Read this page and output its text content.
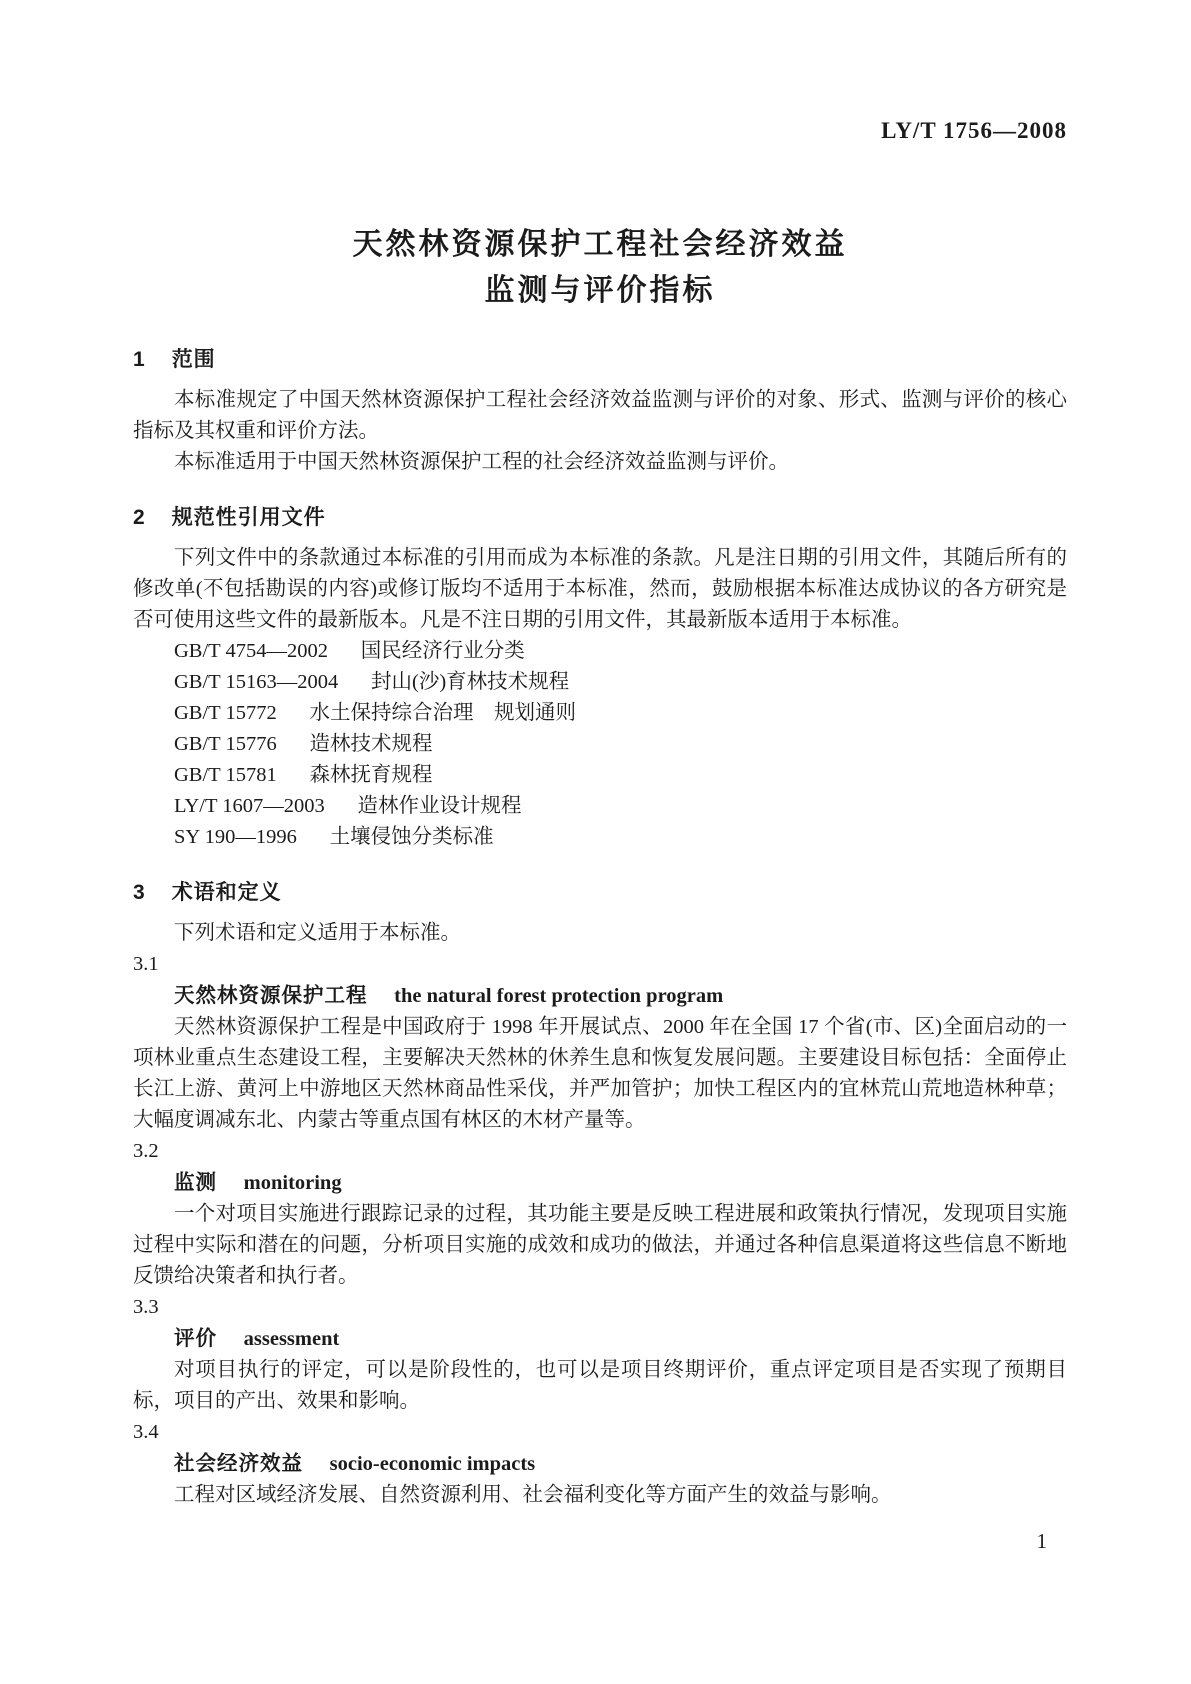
LY/T 1756—2008
天然林资源保护工程社会经济效益
监测与评价指标
1 范围

本标准规定了中国天然林资源保护工程社会经济效益监测与评价的对象、形式、监测与评价的核心指标及其权重和评价方法。

本标准适用于中国天然林资源保护工程的社会经济效益监测与评价。

2 规范性引用文件

下列文件中的条款通过本标准的引用而成为本标准的条款。凡是注日期的引用文件，其随后所有的修改单(不包括勘误的内容)或修订版均不适用于本标准，然而，鼓励根据本标准达成协议的各方研究是否可使用这些文件的最新版本。凡是不注日期的引用文件，其最新版本适用于本标准。

GB/T 4754—2002 国民经济行业分类
GB/T 15163—2004 封山(沙)育林技术规程
GB/T 15772 水土保持综合治理　规划通则
GB/T 15776 造林技术规程
GB/T 15781 森林抚育规程
LY/T 1607—2003 造林作业设计规程
SY 190—1996 土壤侵蚀分类标准
3 术语和定义

下列术语和定义适用于本标准。

3.1
天然林资源保护工程 the natural forest protection program

天然林资源保护工程是中国政府于 1998 年开展试点、2000 年在全国 17 个省(市、区)全面启动的一项林业重点生态建设工程，主要解决天然林的休养生息和恢复发展问题。主要建设目标包括：全面停止长江上游、黄河上中游地区天然林商品性采伐，并严加管护；加快工程区内的宜林荒山荒地造林种草；大幅度调减东北、内蒙古等重点国有林区的木材产量等。

3.2
监测 monitoring

一个对项目实施进行跟踪记录的过程，其功能主要是反映工程进展和政策执行情况，发现项目实施过程中实际和潜在的问题，分析项目实施的成效和成功的做法，并通过各种信息渠道将这些信息不断地反馈给决策者和执行者。

3.3
评价 assessment

对项目执行的评定，可以是阶段性的，也可以是项目终期评价，重点评定项目是否实现了预期目标，项目的产出、效果和影响。

3.4
社会经济效益 socio-economic impacts

工程对区域经济发展、自然资源利用、社会福利变化等方面产生的效益与影响。

1
